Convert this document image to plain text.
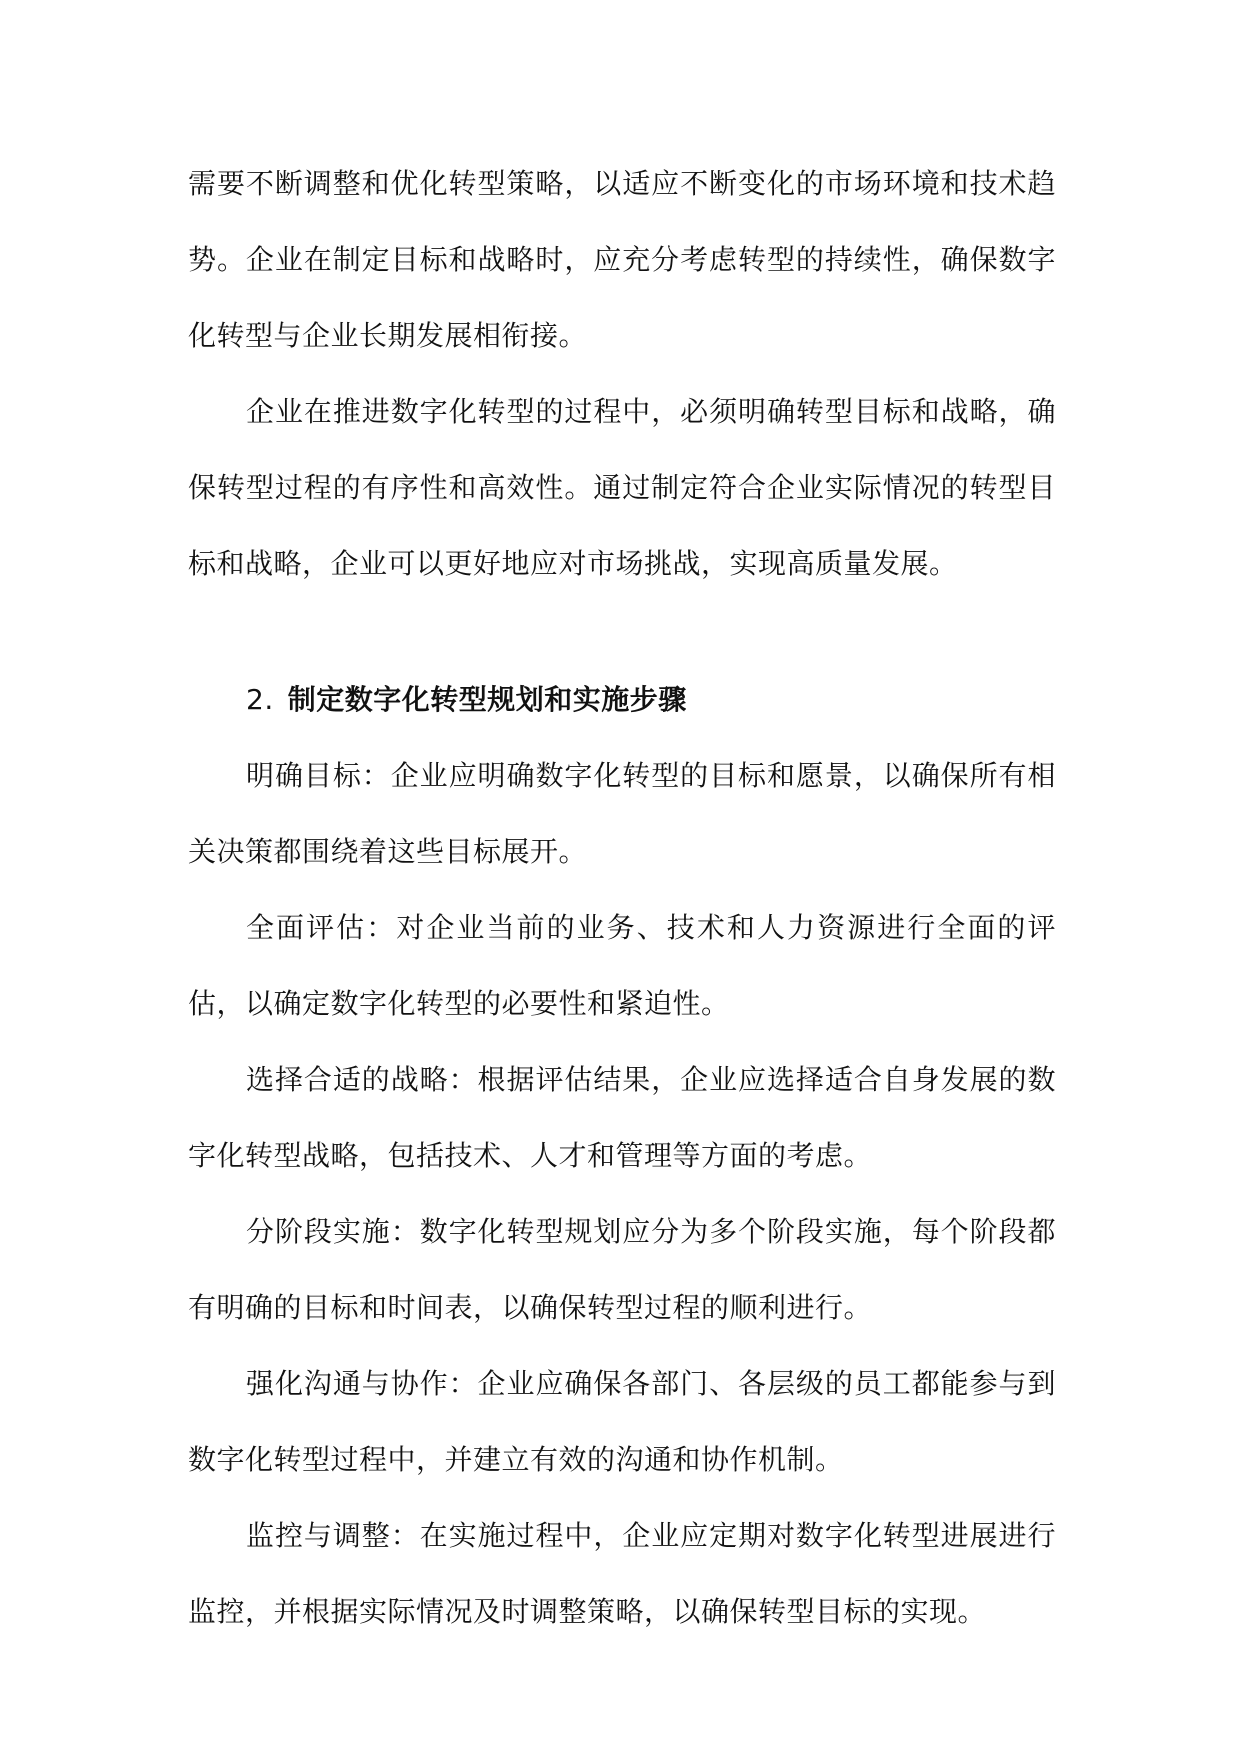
需要不断调整和优化转型策略，以适应不断变化的市场环境和技术趋势。企业在制定目标和战略时，应充分考虑转型的持续性，确保数字化转型与企业长期发展相衔接。

企业在推进数字化转型的过程中，必须明确转型目标和战略，确保转型过程的有序性和高效性。通过制定符合企业实际情况的转型目标和战略，企业可以更好地应对市场挑战，实现高质量发展。

2. 制定数字化转型规划和实施步骤

明确目标：企业应明确数字化转型的目标和愿景，以确保所有相关决策都围绕着这些目标展开。

全面评估：对企业当前的业务、技术和人力资源进行全面的评估，以确定数字化转型的必要性和紧迫性。

选择合适的战略：根据评估结果，企业应选择适合自身发展的数字化转型战略，包括技术、人才和管理等方面的考虑。

分阶段实施：数字化转型规划应分为多个阶段实施，每个阶段都有明确的目标和时间表，以确保转型过程的顺利进行。

强化沟通与协作：企业应确保各部门、各层级的员工都能参与到数字化转型过程中，并建立有效的沟通和协作机制。

监控与调整：在实施过程中，企业应定期对数字化转型进展进行监控，并根据实际情况及时调整策略，以确保转型目标的实现。
